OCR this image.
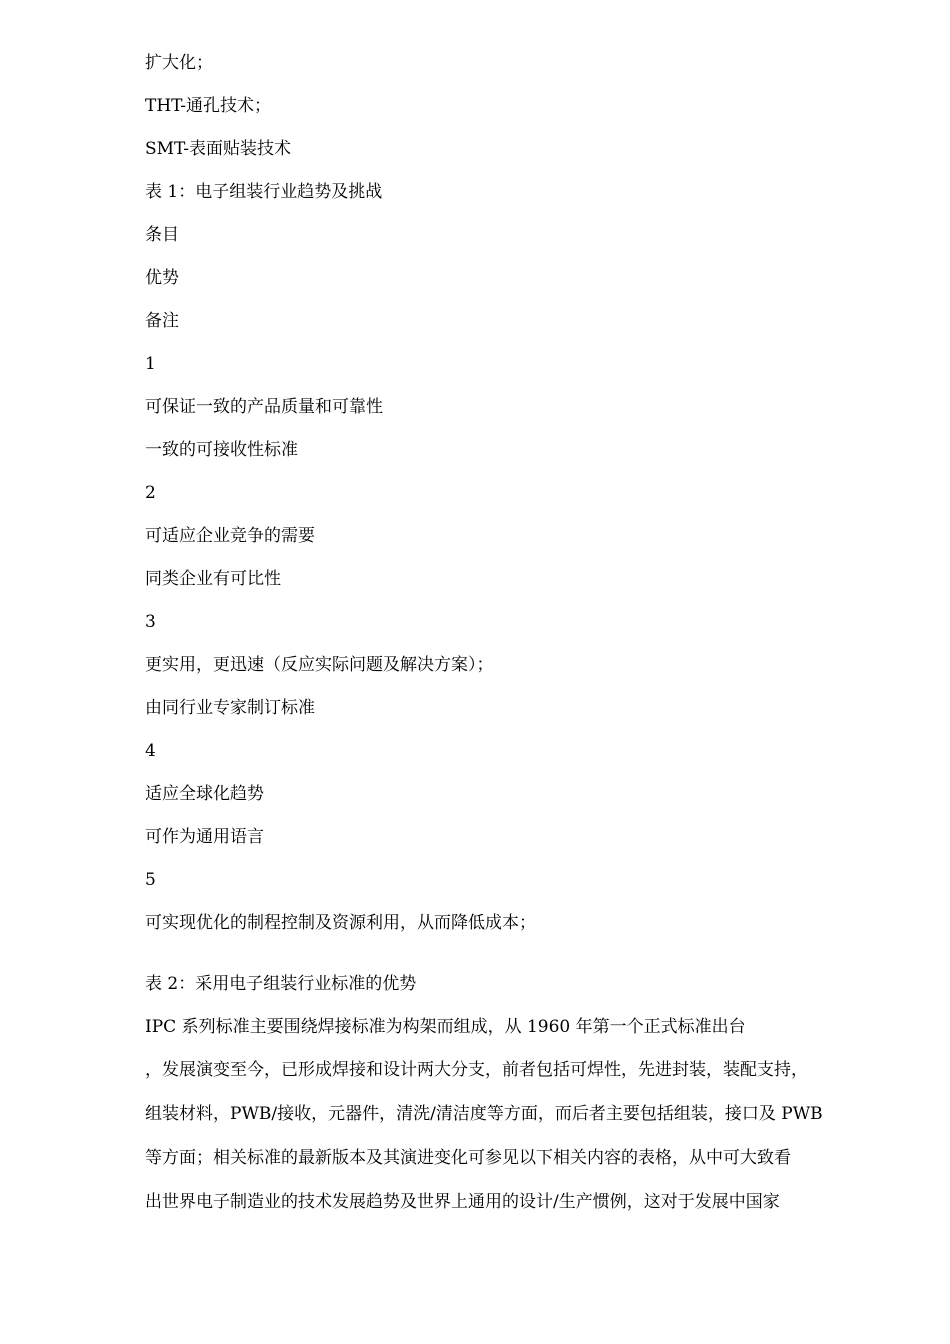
扩大化；
THT-通孔技术；
SMT-表面贴装技术
表 1：电子组装行业趋势及挑战
条目
优势
备注
1
可保证一致的产品质量和可靠性
一致的可接收性标准
2
可适应企业竞争的需要
同类企业有可比性
3
更实用，更迅速（反应实际问题及解决方案）；
由同行业专家制订标准
4
适应全球化趋势
可作为通用语言
5
可实现优化的制程控制及资源利用，从而降低成本；
表 2：采用电子组装行业标准的优势
IPC 系列标准主要围绕焊接标准为构架而组成，从 1960 年第一个正式标准出台
，发展演变至今，已形成焊接和设计两大分支，前者包括可焊性，先进封装，装配支持，
组装材料，PWB/接收，元器件，清洗/清洁度等方面，而后者主要包括组装，接口及 PWB
等方面；相关标准的最新版本及其演进变化可参见以下相关内容的表格，从中可大致看
出世界电子制造业的技术发展趋势及世界上通用的设计/生产惯例，这对于发展中国家
